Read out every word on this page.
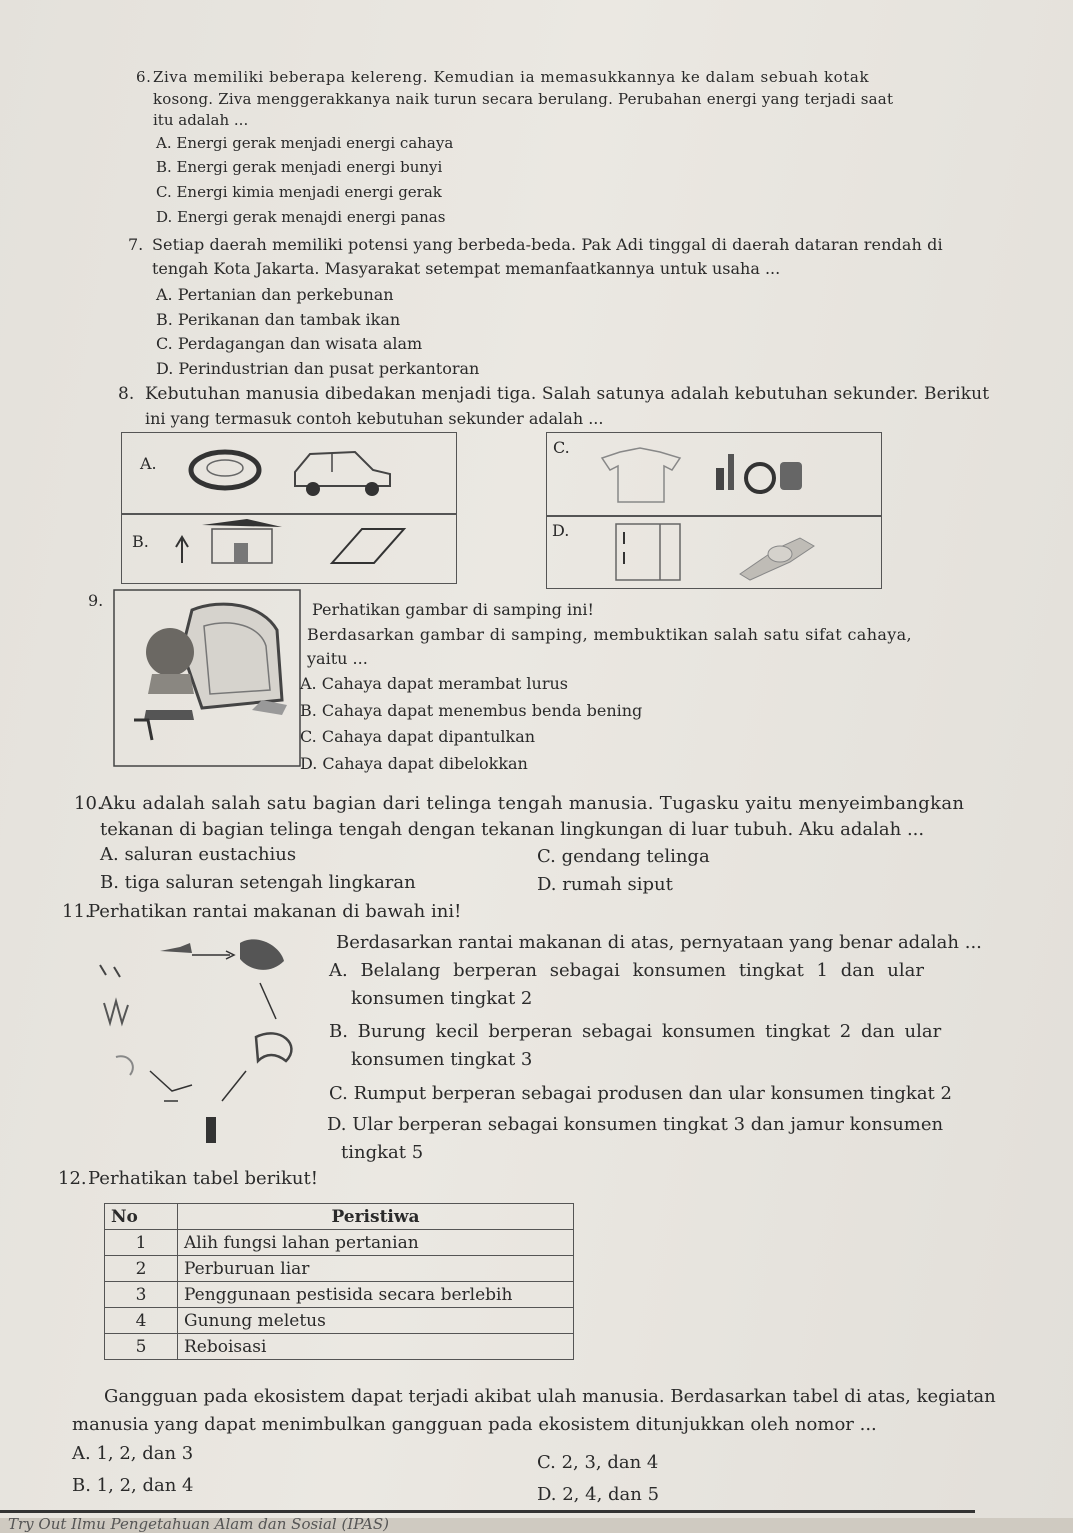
6. Ziva memiliki beberapa kelereng. Kemudian ia memasukkannya ke dalam sebuah kotak
kosong. Ziva menggerakkanya naik turun secara berulang. Perubahan energi yang terjadi saat
itu adalah ...
A. Energi gerak menjadi energi cahaya
B. Energi gerak menjadi energi bunyi
C. Energi kimia menjadi energi gerak
D. Energi gerak menajdi energi panas
7. Setiap daerah memiliki potensi yang berbeda-beda. Pak Adi tinggal di daerah dataran rendah di
tengah Kota Jakarta. Masyarakat setempat memanfaatkannya untuk usaha ...
A. Pertanian dan perkebunan
B. Perikanan dan tambak ikan
C. Perdagangan dan wisata alam
D. Perindustrian dan pusat perkantoran
8. Kebutuhan manusia dibedakan menjadi tiga. Salah satunya adalah kebutuhan sekunder. Berikut
ini yang termasuk contoh kebutuhan sekunder adalah ...
A.
B.
C.
D.
9.	Perhatikan gambar di samping ini!
Berdasarkan gambar di samping, membuktikan salah satu sifat cahaya,
yaitu ...
A. Cahaya dapat merambat lurus
B. Cahaya dapat menembus benda bening
C. Cahaya dapat dipantulkan
D. Cahaya dapat dibelokkan
10.
Aku adalah salah satu bagian dari telinga tengah manusia. Tugasku yaitu menyeimbangkan
tekanan di bagian telinga tengah dengan tekanan lingkungan di luar tubuh. Aku adalah ...
A. saluran eustachius
B. tiga saluran setengah lingkaran
C. gendang telinga
D. rumah siput
11.
Perhatikan rantai makanan di bawah ini!
Berdasarkan rantai makanan di atas, pernyataan yang benar adalah ...
A. Belalang berperan sebagai konsumen tingkat 1 dan ular
konsumen tingkat 2
B. Burung kecil berperan sebagai konsumen tingkat 2 dan ular
konsumen tingkat 3
C. Rumput berperan sebagai produsen dan ular konsumen tingkat 2
D. Ular berperan sebagai konsumen tingkat 3 dan jamur konsumen
tingkat 5
12. Perhatikan tabel berikut!
No	Peristiwa
1	Alih fungsi lahan pertanian
2	Perburuan liar
3	Penggunaan pestisida secara berlebih
4	Gunung meletus
5	Reboisasi
Gangguan pada ekosistem dapat terjadi akibat ulah manusia. Berdasarkan tabel di atas, kegiatan
manusia yang dapat menimbulkan gangguan pada ekosistem ditunjukkan oleh nomor ...
A. 1, 2, dan 3
B. 1, 2, dan 4
C. 2, 3, dan 4
D. 2, 4, dan 5
Try Out Ilmu Pengetahuan Alam dan Sosial (IPAS)
